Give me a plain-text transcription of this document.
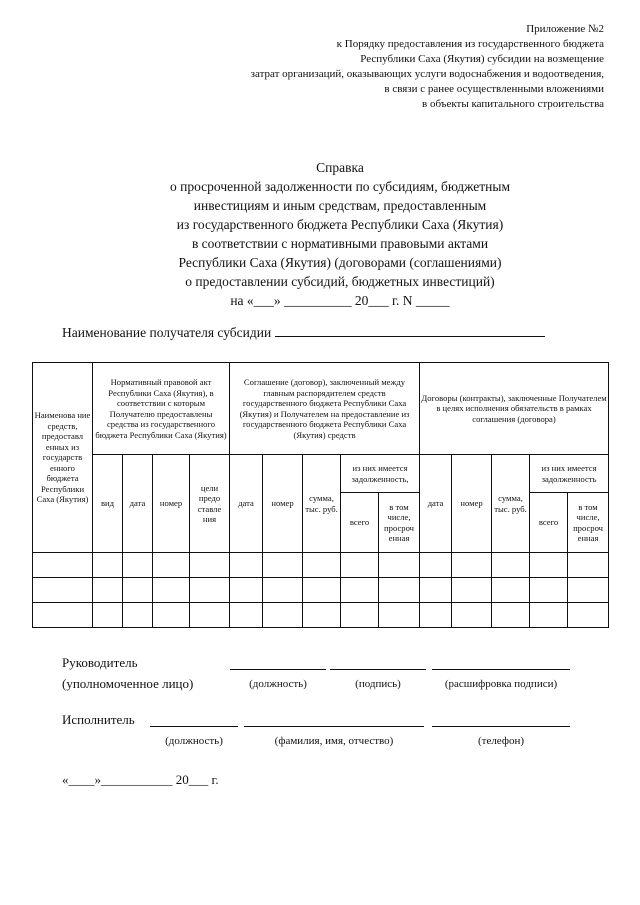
Приложение №2
к Порядку предоставления из государственного бюджета
Республики Саха (Якутия) субсидии на возмещение
затрат организаций, оказывающих услуги водоснабжения и водоотведения,
в связи с ранее осуществленными вложениями
в объекты капитального строительства
Справка
о просроченной задолженности по субсидиям, бюджетным
инвестициям и иным средствам, предоставленным
из государственного бюджета Республики Саха (Якутия)
в соответствии с нормативными правовыми актами
Республики Саха (Якутия) (договорами (соглашениями)
о предоставлении субсидий, бюджетных инвестиций)
на «___» __________ 20___ г. N _____
Наименование получателя субсидии
Наименова ние средств, предоставл енных из государств енного бюджета Республики Саха (Якутия)	Нормативный правовой акт Республики Саха (Якутия), в соответствии с которым Получателю предоставлены средства из государственного бюджета Республики Саха (Якутия)				Соглашение (договор), заключенный между главным распорядителем средств государственного бюджета Республики Саха (Якутия) и Получателем на предоставление из государственного бюджета Республики Саха (Якутия) средств					Договоры (контракты), заключенные Получателем в целях исполнения обязательств в рамках соглашения (договора)				
	вид	дата	номер	цели предо ставле ния	дата	номер	сумма, тыс. руб.	из них имеется задолженность,		дата	номер	сумма, тыс. руб.	из них имеется задолженность	
								всего	в том числе, просроч енная				всего	в том числе, просроч енная

Руководитель
(уполномоченное лицо)	(должность)	(подпись)	(расшифровка подписи)
Исполнитель
(должность)	(фамилия, имя, отчество)	(телефон)
«____»___________ 20___ г.
